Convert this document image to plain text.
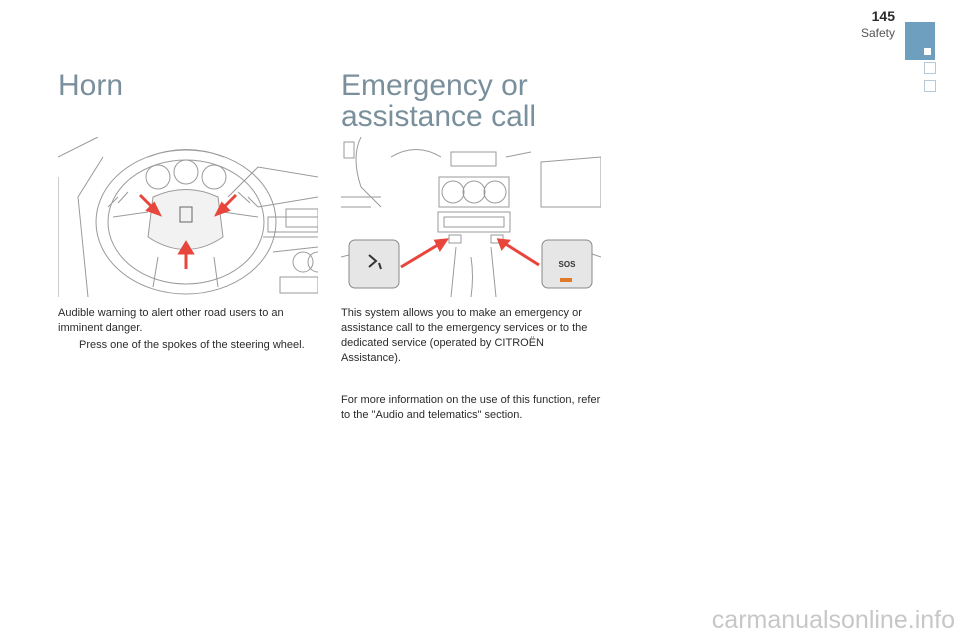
145
Safety
Horn	Emergency or assistance call
SOS
Audible warning to alert other road users to an imminent danger.
Press one of the spokes of the steering wheel.
This system allows you to make an emergency or assistance call to the emergency services or to the dedicated service (operated by CITROËN Assistance).
For more information on the use of this function, refer to the "Audio and telematics" section.
carmanualsonline.info
